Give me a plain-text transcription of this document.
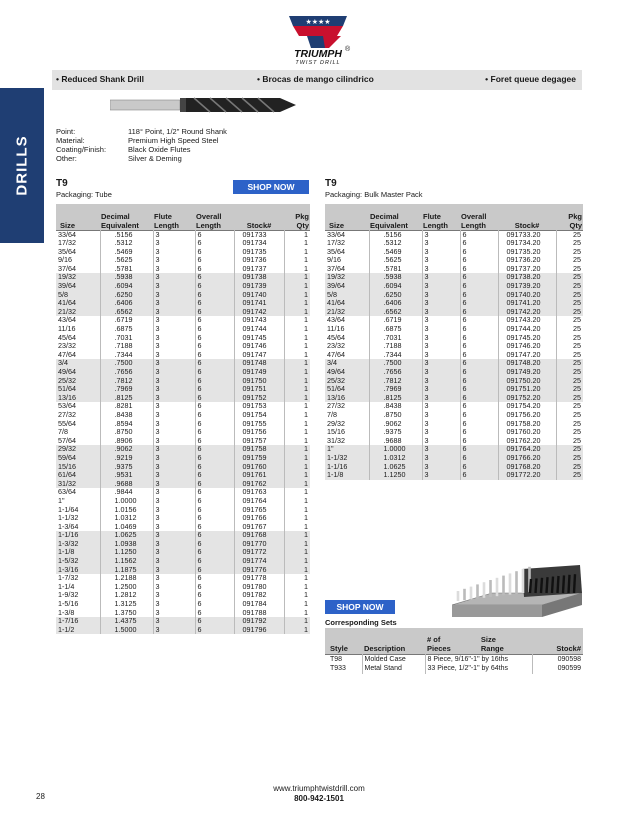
DRILLS
★★★★
TRIUMPH
TWIST DRILL
®
• Reduced Shank Drill	• Brocas de mango cilindrico	• Foret queue degagee
Point:	118° Point, 1/2" Round Shank
Material:	Premium High Speed Steel
Coating/Finish:	Black Oxide Flutes
Other:	Silver & Deming
T9
Packaging: Tube
SHOP NOW
Size	Decimal
Equivalent	Flute
Length	Overall
Length	Stock#	Pkg
Qty
33/64	.5156	3	6	091733	1
17/32	.5312	3	6	091734	1
35/64	.5469	3	6	091735	1
9/16	.5625	3	6	091736	1
37/64	.5781	3	6	091737	1
19/32	.5938	3	6	091738	1
39/64	.6094	3	6	091739	1
5/8	.6250	3	6	091740	1
41/64	.6406	3	6	091741	1
21/32	.6562	3	6	091742	1
43/64	.6719	3	6	091743	1
11/16	.6875	3	6	091744	1
45/64	.7031	3	6	091745	1
23/32	.7188	3	6	091746	1
47/64	.7344	3	6	091747	1
3/4	.7500	3	6	091748	1
49/64	.7656	3	6	091749	1
25/32	.7812	3	6	091750	1
51/64	.7969	3	6	091751	1
13/16	.8125	3	6	091752	1
53/64	.8281	3	6	091753	1
27/32	.8438	3	6	091754	1
55/64	.8594	3	6	091755	1
7/8	.8750	3	6	091756	1
57/64	.8906	3	6	091757	1
29/32	.9062	3	6	091758	1
59/64	.9219	3	6	091759	1
15/16	.9375	3	6	091760	1
61/64	.9531	3	6	091761	1
31/32	.9688	3	6	091762	1
63/64	.9844	3	6	091763	1
1"	1.0000	3	6	091764	1
1-1/64	1.0156	3	6	091765	1
1-1/32	1.0312	3	6	091766	1
1-3/64	1.0469	3	6	091767	1
1-1/16	1.0625	3	6	091768	1
1-3/32	1.0938	3	6	091770	1
1-1/8	1.1250	3	6	091772	1
1-5/32	1.1562	3	6	091774	1
1-3/16	1.1875	3	6	091776	1
1-7/32	1.2188	3	6	091778	1
1-1/4	1.2500	3	6	091780	1
1-9/32	1.2812	3	6	091782	1
1-5/16	1.3125	3	6	091784	1
1-3/8	1.3750	3	6	091788	1
1-7/16	1.4375	3	6	091792	1
1-1/2	1.5000	3	6	091796	1
T9
Packaging: Bulk Master Pack
Size	Decimal
Equivalent	Flute
Length	Overall
Length	Stock#	Pkg
Qty
33/64	.5156	3	6	091733.20	25
17/32	.5312	3	6	091734.20	25
35/64	.5469	3	6	091735.20	25
9/16	.5625	3	6	091736.20	25
37/64	.5781	3	6	091737.20	25
19/32	.5938	3	6	091738.20	25
39/64	.6094	3	6	091739.20	25
5/8	.6250	3	6	091740.20	25
41/64	.6406	3	6	091741.20	25
21/32	.6562	3	6	091742.20	25
43/64	.6719	3	6	091743.20	25
11/16	.6875	3	6	091744.20	25
45/64	.7031	3	6	091745.20	25
23/32	.7188	3	6	091746.20	25
47/64	.7344	3	6	091747.20	25
3/4	.7500	3	6	091748.20	25
49/64	.7656	3	6	091749.20	25
25/32	.7812	3	6	091750.20	25
51/64	.7969	3	6	091751.20	25
13/16	.8125	3	6	091752.20	25
27/32	.8438	3	6	091754.20	25
7/8	.8750	3	6	091756.20	25
29/32	.9062	3	6	091758.20	25
15/16	.9375	3	6	091760.20	25
31/32	.9688	3	6	091762.20	25
1"	1.0000	3	6	091764.20	25
1-1/32	1.0312	3	6	091766.20	25
1-1/16	1.0625	3	6	091768.20	25
1-1/8	1.1250	3	6	091772.20	25
SHOP NOW
Corresponding Sets
Style	Description	# of
Pieces Size
Range	Stock#
T98	Molded Case	8 Piece, 9/16"-1" by 16ths	090598
T933	Metal Stand	33 Piece, 1/2"-1" by 64ths	090599
28
www.triumphtwistdrill.com
800-942-1501
